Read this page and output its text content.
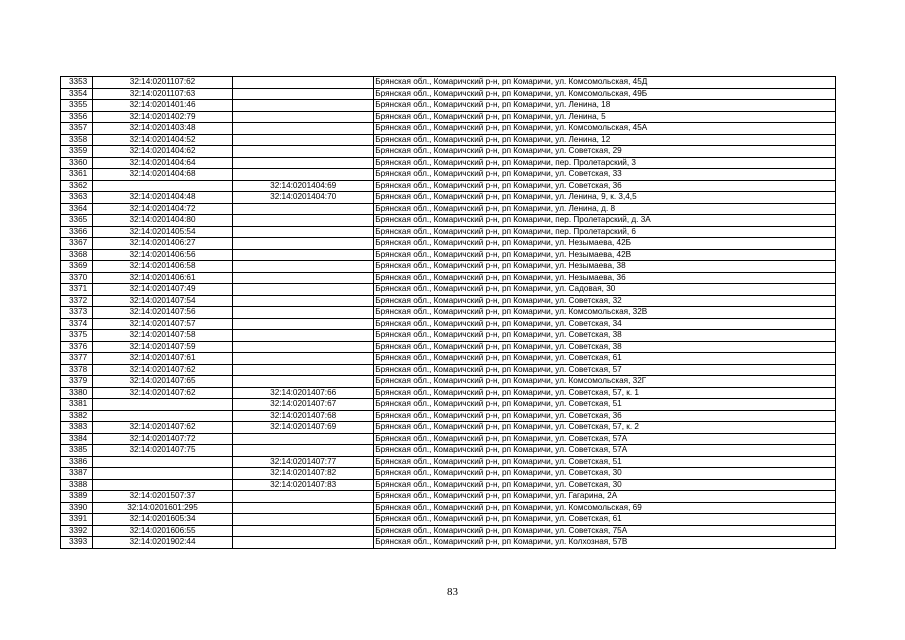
3353	32:14:0201107:62		Брянская обл., Комаричский р-н, рп Комаричи, ул. Комсомольская, 45Д
3354	32:14:0201107:63		Брянская обл., Комаричский р-н, рп Комаричи, ул. Комсомольская, 49Б
3355	32:14:0201401:46		Брянская обл., Комаричский р-н, рп Комаричи, ул. Ленина, 18
3356	32:14:0201402:79		Брянская обл., Комаричский р-н, рп Комаричи, ул. Ленина, 5
3357	32:14:0201403:48		Брянская обл., Комаричский р-н, рп Комаричи, ул. Комсомольская, 45А
3358	32:14:0201404:52		Брянская обл., Комаричский р-н, рп Комаричи, ул. Ленина, 12
3359	32:14:0201404:62		Брянская обл., Комаричский р-н, рп Комаричи, ул. Советская, 29
3360	32:14:0201404:64		Брянская обл., Комаричский р-н, рп Комаричи, пер. Пролетарский, 3
3361	32:14:0201404:68		Брянская обл., Комаричский р-н, рп Комаричи, ул. Советская, 33
3362		32:14:0201404:69	Брянская обл., Комаричский р-н, рп Комаричи, ул. Советская, 36
3363	32:14:0201404:48	32:14:0201404:70	Брянская обл., Комаричский р-н, рп Комаричи, ул. Ленина, 9, к. 3,4,5
3364	32:14:0201404:72		Брянская обл., Комаричский р-н, рп Комаричи, ул. Ленина, д. 8
3365	32:14:0201404:80		Брянская обл., Комаричский р-н, рп Комаричи, пер. Пролетарский, д. 3А
3366	32:14:0201405:54		Брянская обл., Комаричский р-н, рп Комаричи, пер. Пролетарский, 6
3367	32:14:0201406:27		Брянская обл., Комаричский р-н, рп Комаричи, ул. Незымаева, 42Б
3368	32:14:0201406:56		Брянская обл., Комаричский р-н, рп Комаричи, ул. Незымаева, 42В
3369	32:14:0201406:58		Брянская обл., Комаричский р-н, рп Комаричи, ул. Незымаева, 38
3370	32:14:0201406:61		Брянская обл., Комаричский р-н, рп Комаричи, ул. Незымаева, 36
3371	32:14:0201407:49		Брянская обл., Комаричский р-н, рп Комаричи, ул. Садовая, 30
3372	32:14:0201407:54		Брянская обл., Комаричский р-н, рп Комаричи, ул. Советская, 32
3373	32:14:0201407:56		Брянская обл., Комаричский р-н, рп Комаричи, ул. Комсомольская, 32В
3374	32:14:0201407:57		Брянская обл., Комаричский р-н, рп Комаричи, ул. Советская, 34
3375	32:14:0201407:58		Брянская обл., Комаричский р-н, рп Комаричи, ул. Советская, 38
3376	32:14:0201407:59		Брянская обл., Комаричский р-н, рп Комаричи, ул. Советская, 38
3377	32:14:0201407:61		Брянская обл., Комаричский р-н, рп Комаричи, ул. Советская, 61
3378	32:14:0201407:62		Брянская обл., Комаричский р-н, рп Комаричи, ул. Советская, 57
3379	32:14:0201407:65		Брянская обл., Комаричский р-н, рп Комаричи, ул. Комсомольская, 32Г
3380	32:14:0201407:62	32:14:0201407:66	Брянская обл., Комаричский р-н, рп Комаричи, ул. Советская, 57, к. 1
3381		32:14:0201407:67	Брянская обл., Комаричский р-н, рп Комаричи, ул. Советская, 51
3382		32:14:0201407:68	Брянская обл., Комаричский р-н, рп Комаричи, ул. Советская, 36
3383	32:14:0201407:62	32:14:0201407:69	Брянская обл., Комаричский р-н, рп Комаричи, ул. Советская, 57, к. 2
3384	32:14:0201407:72		Брянская обл., Комаричский р-н, рп Комаричи, ул. Советская, 57А
3385	32:14:0201407:75		Брянская обл., Комаричский р-н, рп Комаричи, ул. Советская, 57А
3386		32:14:0201407:77	Брянская обл., Комаричский р-н, рп Комаричи, ул. Советская, 51
3387		32:14:0201407:82	Брянская обл., Комаричский р-н, рп Комаричи, ул. Советская, 30
3388		32:14:0201407:83	Брянская обл., Комаричский р-н, рп Комаричи, ул. Советская, 30
3389	32:14:0201507:37		Брянская обл., Комаричский р-н, рп Комаричи, ул. Гагарина, 2А
3390	32:14:0201601:295		Брянская обл., Комаричский р-н, рп Комаричи, ул. Комсомольская, 69
3391	32:14:0201605:34		Брянская обл., Комаричский р-н, рп Комаричи, ул. Советская, 61
3392	32:14:0201606:55		Брянская обл., Комаричский р-н, рп Комаричи, ул. Советская, 75А
3393	32:14:0201902:44		Брянская обл., Комаричский р-н, рп Комаричи, ул. Колхозная, 57В
83
